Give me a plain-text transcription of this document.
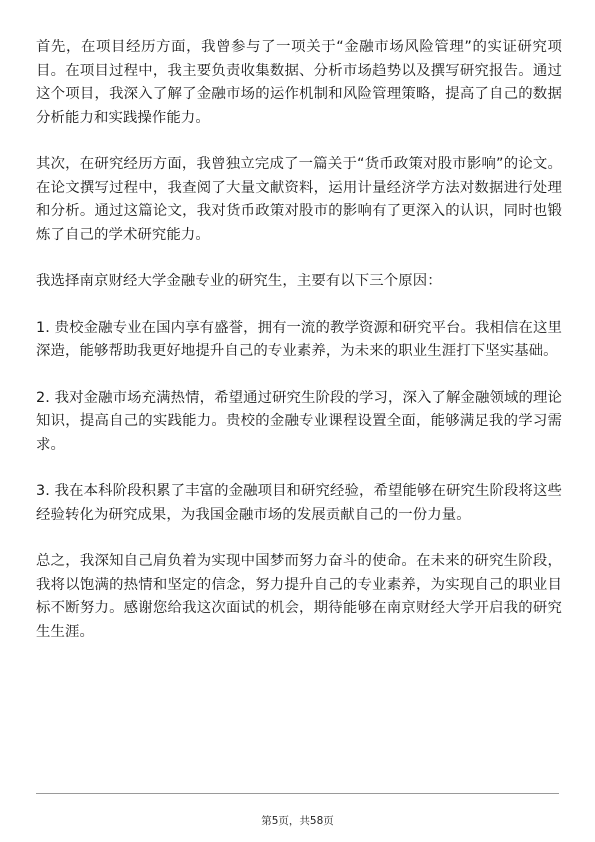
首先，在项目经历方面，我曾参与了一项关于“金融市场风险管理”的实证研究项目。在项目过程中，我主要负责收集数据、分析市场趋势以及撰写研究报告。通过这个项目，我深入了解了金融市场的运作机制和风险管理策略，提高了自己的数据分析能力和实践操作能力。

其次，在研究经历方面，我曾独立完成了一篇关于“货币政策对股市影响”的论文。在论文撰写过程中，我查阅了大量文献资料，运用计量经济学方法对数据进行处理和分析。通过这篇论文，我对货币政策对股市的影响有了更深入的认识，同时也锻炼了自己的学术研究能力。

我选择南京财经大学金融专业的研究生，主要有以下三个原因：

1. 贵校金融专业在国内享有盛誉，拥有一流的教学资源和研究平台。我相信在这里深造，能够帮助我更好地提升自己的专业素养，为未来的职业生涯打下坚实基础。

2. 我对金融市场充满热情，希望通过研究生阶段的学习，深入了解金融领域的理论知识，提高自己的实践能力。贵校的金融专业课程设置全面，能够满足我的学习需求。

3. 我在本科阶段积累了丰富的金融项目和研究经验，希望能够在研究生阶段将这些经验转化为研究成果，为我国金融市场的发展贡献自己的一份力量。

总之，我深知自己肩负着为实现中国梦而努力奋斗的使命。在未来的研究生阶段，我将以饱满的热情和坚定的信念，努力提升自己的专业素养，为实现自己的职业目标不断努力。感谢您给我这次面试的机会，期待能够在南京财经大学开启我的研究生生涯。

第5页，共58页
